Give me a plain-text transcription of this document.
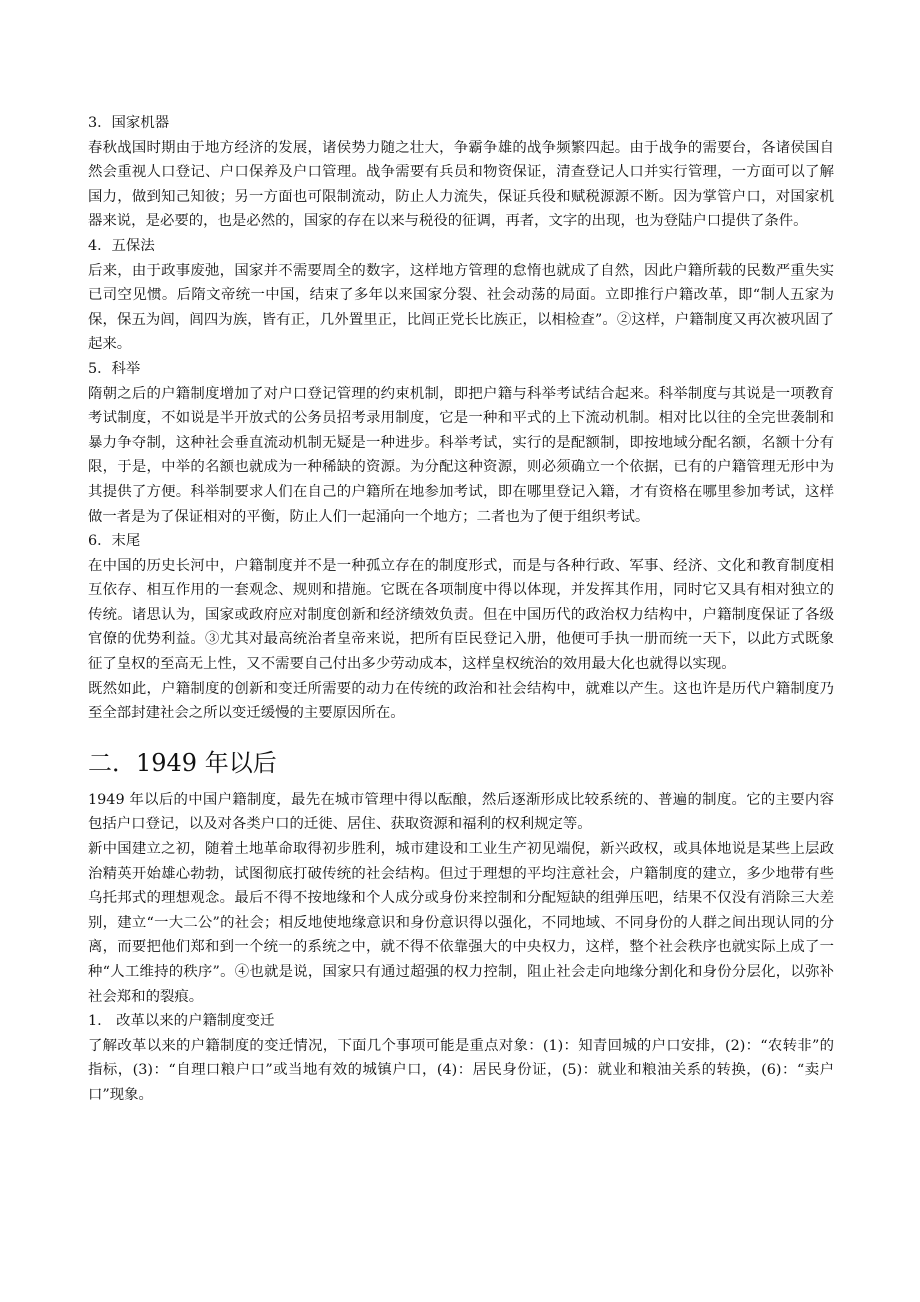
3．国家机器

春秋战国时期由于地方经济的发展，诸侯势力随之壮大，争霸争雄的战争频繁四起。由于战争的需要台，各诸侯国自然会重视人口登记、户口保养及户口管理。战争需要有兵员和物资保证，清查登记人口并实行管理，一方面可以了解国力，做到知己知彼；另一方面也可限制流动，防止人力流失，保证兵役和赋税源源不断。因为掌管户口，对国家机器来说，是必要的，也是必然的，国家的存在以来与税役的征调，再者，文字的出现，也为登陆户口提供了条件。

4．五保法

后来，由于政事废弛，国家并不需要周全的数字，这样地方管理的怠惰也就成了自然，因此户籍所载的民数严重失实已司空见惯。后隋文帝统一中国，结束了多年以来国家分裂、社会动荡的局面。立即推行户籍改革，即“制人五家为保，保五为闾，闾四为族，皆有正，几外置里正，比闾正党长比族正，以相检查”。②这样，户籍制度又再次被巩固了起来。

5．科举

隋朝之后的户籍制度增加了对户口登记管理的约束机制，即把户籍与科举考试结合起来。科举制度与其说是一项教育考试制度，不如说是半开放式的公务员招考录用制度，它是一种和平式的上下流动机制。相对比以往的全完世袭制和暴力争夺制，这种社会垂直流动机制无疑是一种进步。科举考试，实行的是配额制，即按地域分配名额，名额十分有限，于是，中举的名额也就成为一种稀缺的资源。为分配这种资源，则必须确立一个依据，已有的户籍管理无形中为其提供了方便。科举制要求人们在自己的户籍所在地参加考试，即在哪里登记入籍，才有资格在哪里参加考试，这样做一者是为了保证相对的平衡，防止人们一起涌向一个地方；二者也为了便于组织考试。

6．末尾

在中国的历史长河中，户籍制度并不是一种孤立存在的制度形式，而是与各种行政、军事、经济、文化和教育制度相互依存、相互作用的一套观念、规则和措施。它既在各项制度中得以体现，并发挥其作用，同时它又具有相对独立的传统。诸思认为，国家或政府应对制度创新和经济绩效负责。但在中国历代的政治权力结构中，户籍制度保证了各级官僚的优势利益。③尤其对最高统治者皇帝来说，把所有臣民登记入册，他便可手执一册而统一天下，以此方式既象征了皇权的至高无上性，又不需要自己付出多少劳动成本，这样皇权统治的效用最大化也就得以实现。

既然如此，户籍制度的创新和变迁所需要的动力在传统的政治和社会结构中，就难以产生。这也许是历代户籍制度乃至全部封建社会之所以变迁缓慢的主要原因所在。

二．1949 年以后

1949 年以后的中国户籍制度，最先在城市管理中得以酝酿，然后逐渐形成比较系统的、普遍的制度。它的主要内容包括户口登记，以及对各类户口的迁徙、居住、获取资源和福利的权利规定等。

新中国建立之初，随着土地革命取得初步胜利，城市建设和工业生产初见端倪，新兴政权，或具体地说是某些上层政治精英开始雄心勃勃，试图彻底打破传统的社会结构。但过于理想的平均注意社会，户籍制度的建立，多少地带有些乌托邦式的理想观念。最后不得不按地缘和个人成分或身份来控制和分配短缺的组弹压吧，结果不仅没有消除三大差别，建立“一大二公”的社会；相反地使地缘意识和身份意识得以强化，不同地域、不同身份的人群之间出现认同的分离，而要把他们郑和到一个统一的系统之中，就不得不依靠强大的中央权力，这样，整个社会秩序也就实际上成了一种“人工维持的秩序”。④也就是说，国家只有通过超强的权力控制，阻止社会走向地缘分割化和身份分层化，以弥补社会郑和的裂痕。

1.　改革以来的户籍制度变迁

了解改革以来的户籍制度的变迁情况，下面几个事项可能是重点对象：(1)：知青回城的户口安排，(2)：“农转非”的指标，(3)：“自理口粮户口”或当地有效的城镇户口，(4)：居民身份证，(5)：就业和粮油关系的转换，(6)：“卖户口”现象。
